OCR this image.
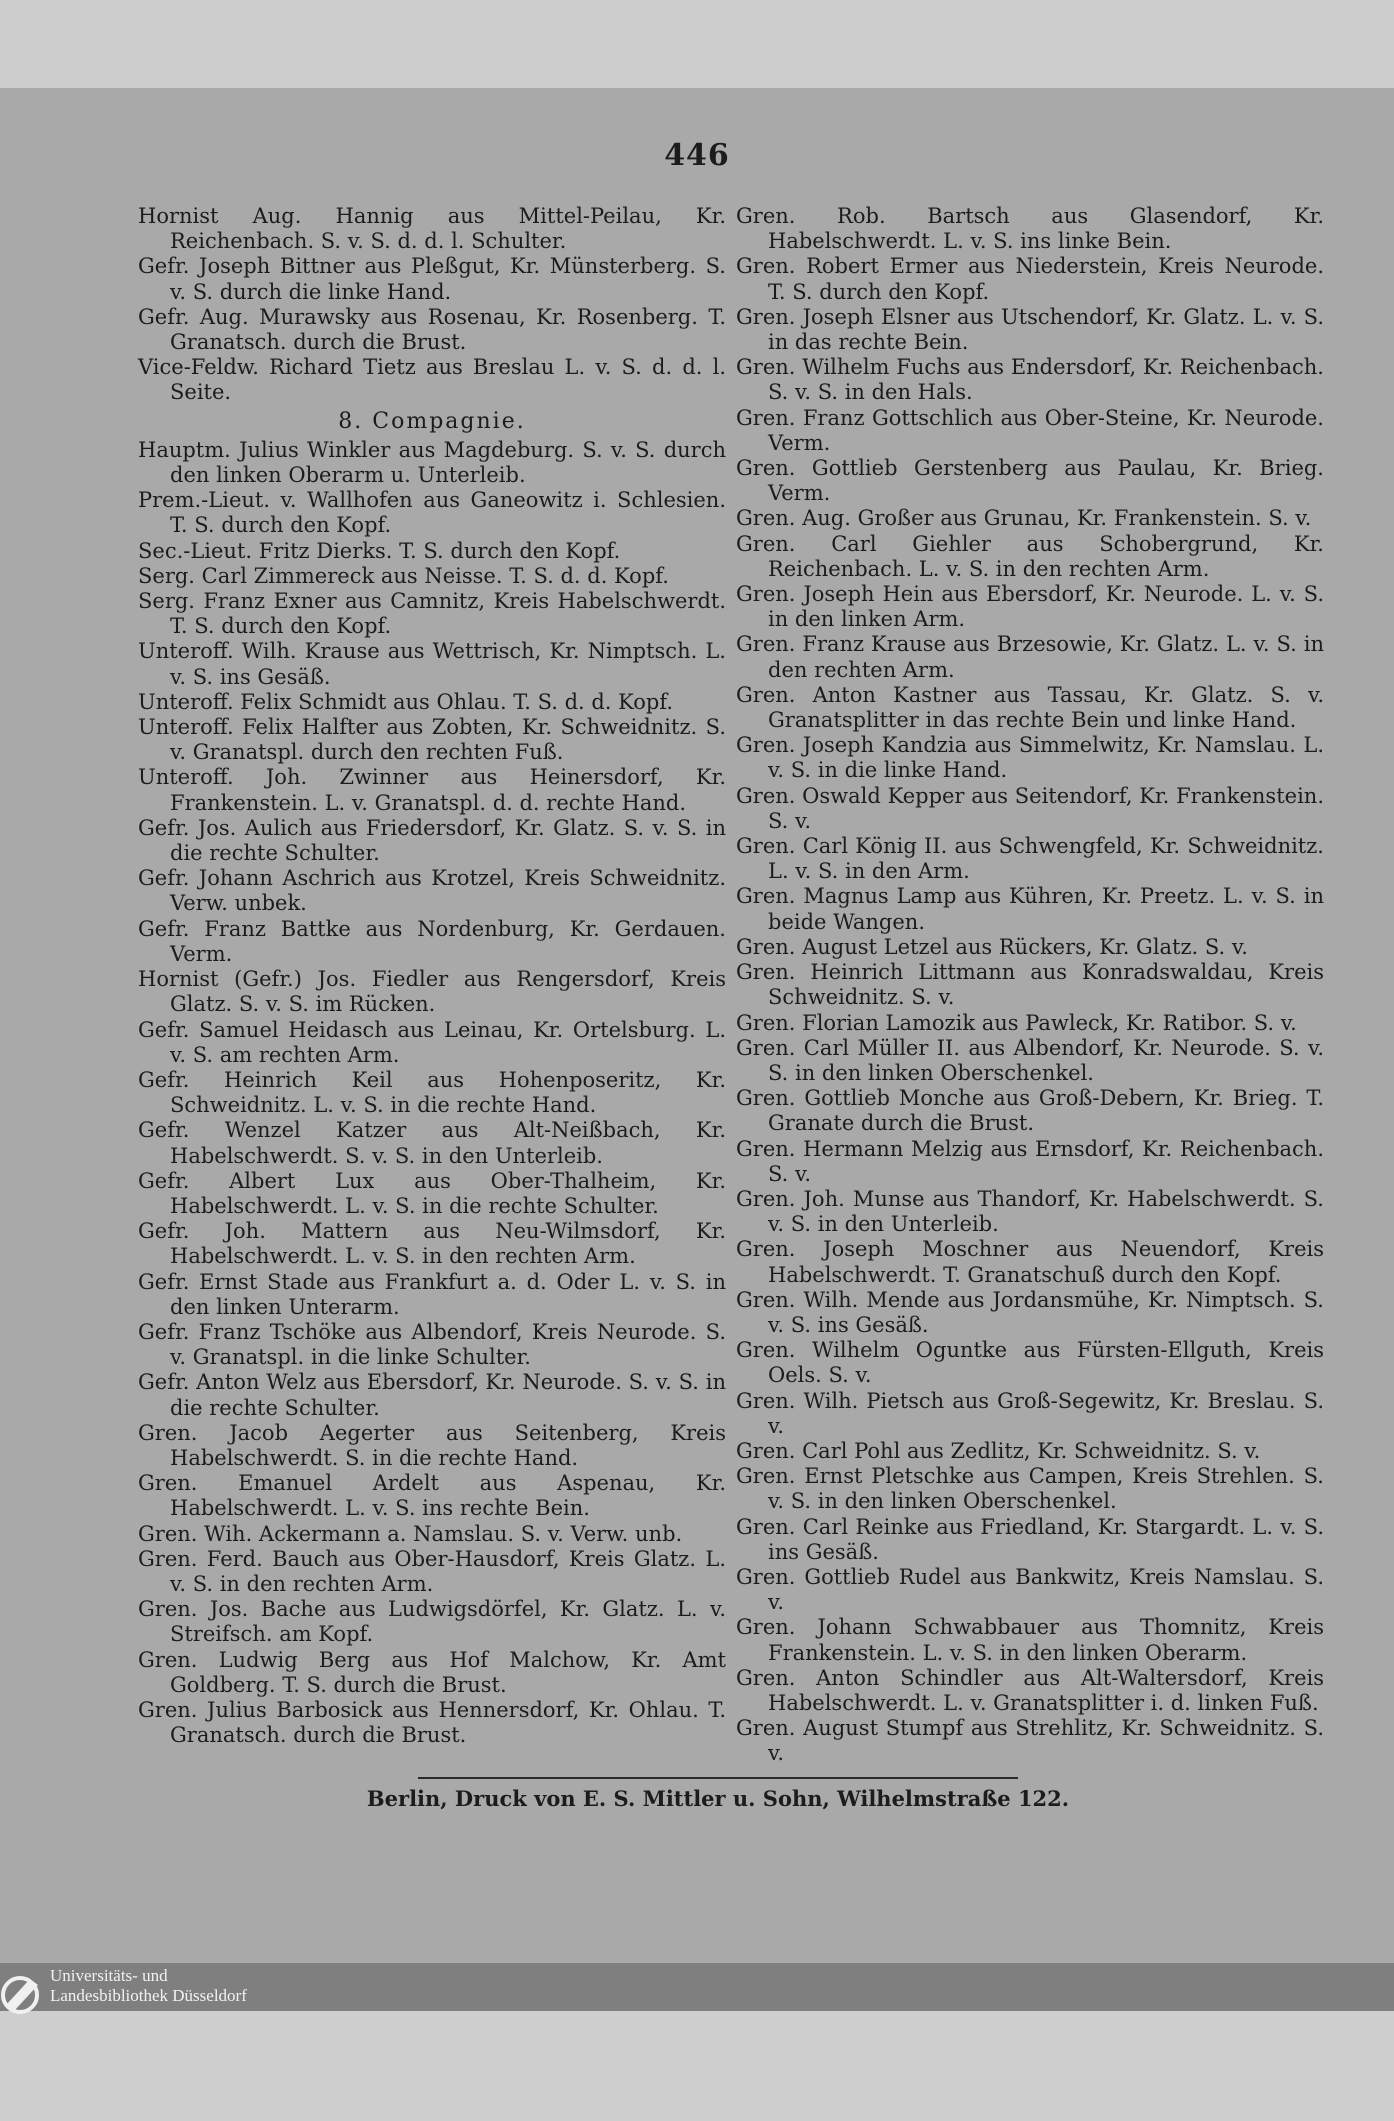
446

Hornist Aug. Hannig aus Mittel-Peilau, Kr. Reichenbach. S. v. S. d. d. l. Schulter.

Gefr. Joseph Bittner aus Pleßgut, Kr. Münsterberg. S. v. S. durch die linke Hand.

Gefr. Aug. Murawsky aus Rosenau, Kr. Rosenberg. T. Granatsch. durch die Brust.

Vice-Feldw. Richard Tietz aus Breslau L. v. S. d. d. l. Seite.

8. Compagnie.

Hauptm. Julius Winkler aus Magdeburg. S. v. S. durch den linken Oberarm u. Unterleib.

Prem.-Lieut. v. Wallhofen aus Ganeowitz i. Schlesien. T. S. durch den Kopf.

Sec.-Lieut. Fritz Dierks. T. S. durch den Kopf.

Serg. Carl Zimmereck aus Neisse. T. S. d. d. Kopf.

Serg. Franz Exner aus Camnitz, Kreis Habelschwerdt. T. S. durch den Kopf.

Unteroff. Wilh. Krause aus Wettrisch, Kr. Nimptsch. L. v. S. ins Gesäß.

Unteroff. Felix Schmidt aus Ohlau. T. S. d. d. Kopf.

Unteroff. Felix Halfter aus Zobten, Kr. Schweidnitz. S. v. Granatspl. durch den rechten Fuß.

Unteroff. Joh. Zwinner aus Heinersdorf, Kr. Frankenstein. L. v. Granatspl. d. d. rechte Hand.

Gefr. Jos. Aulich aus Friedersdorf, Kr. Glatz. S. v. S. in die rechte Schulter.

Gefr. Johann Aschrich aus Krotzel, Kreis Schweidnitz. Verw. unbek.

Gefr. Franz Battke aus Nordenburg, Kr. Gerdauen. Verm.

Hornist (Gefr.) Jos. Fiedler aus Rengersdorf, Kreis Glatz. S. v. S. im Rücken.

Gefr. Samuel Heidasch aus Leinau, Kr. Ortelsburg. L. v. S. am rechten Arm.

Gefr. Heinrich Keil aus Hohenposeritz, Kr. Schweidnitz. L. v. S. in die rechte Hand.

Gefr. Wenzel Katzer aus Alt-Neißbach, Kr. Habelschwerdt. S. v. S. in den Unterleib.

Gefr. Albert Lux aus Ober-Thalheim, Kr. Habelschwerdt. L. v. S. in die rechte Schulter.

Gefr. Joh. Mattern aus Neu-Wilmsdorf, Kr. Habelschwerdt. L. v. S. in den rechten Arm.

Gefr. Ernst Stade aus Frankfurt a. d. Oder L. v. S. in den linken Unterarm.

Gefr. Franz Tschöke aus Albendorf, Kreis Neurode. S. v. Granatspl. in die linke Schulter.

Gefr. Anton Welz aus Ebersdorf, Kr. Neurode. S. v. S. in die rechte Schulter.

Gren. Jacob Aegerter aus Seitenberg, Kreis Habelschwerdt. S. in die rechte Hand.

Gren. Emanuel Ardelt aus Aspenau, Kr. Habelschwerdt. L. v. S. ins rechte Bein.

Gren. Wih. Ackermann a. Namslau. S. v. Verw. unb.

Gren. Ferd. Bauch aus Ober-Hausdorf, Kreis Glatz. L. v. S. in den rechten Arm.

Gren. Jos. Bache aus Ludwigsdörfel, Kr. Glatz. L. v. Streifsch. am Kopf.

Gren. Ludwig Berg aus Hof Malchow, Kr. Amt Goldberg. T. S. durch die Brust.

Gren. Julius Barbosick aus Hennersdorf, Kr. Ohlau. T. Granatsch. durch die Brust.

Gren. Rob. Bartsch aus Glasendorf, Kr. Habelschwerdt. L. v. S. ins linke Bein.

Gren. Robert Ermer aus Niederstein, Kreis Neurode. T. S. durch den Kopf.

Gren. Joseph Elsner aus Utschendorf, Kr. Glatz. L. v. S. in das rechte Bein.

Gren. Wilhelm Fuchs aus Endersdorf, Kr. Reichenbach. S. v. S. in den Hals.

Gren. Franz Gottschlich aus Ober-Steine, Kr. Neurode. Verm.

Gren. Gottlieb Gerstenberg aus Paulau, Kr. Brieg. Verm.

Gren. Aug. Großer aus Grunau, Kr. Frankenstein. S. v.

Gren. Carl Giehler aus Schobergrund, Kr. Reichenbach. L. v. S. in den rechten Arm.

Gren. Joseph Hein aus Ebersdorf, Kr. Neurode. L. v. S. in den linken Arm.

Gren. Franz Krause aus Brzesowie, Kr. Glatz. L. v. S. in den rechten Arm.

Gren. Anton Kastner aus Tassau, Kr. Glatz. S. v. Granatsplitter in das rechte Bein und linke Hand.

Gren. Joseph Kandzia aus Simmelwitz, Kr. Namslau. L. v. S. in die linke Hand.

Gren. Oswald Kepper aus Seitendorf, Kr. Frankenstein. S. v.

Gren. Carl König II. aus Schwengfeld, Kr. Schweidnitz. L. v. S. in den Arm.

Gren. Magnus Lamp aus Kühren, Kr. Preetz. L. v. S. in beide Wangen.

Gren. August Letzel aus Rückers, Kr. Glatz. S. v.

Gren. Heinrich Littmann aus Konradswaldau, Kreis Schweidnitz. S. v.

Gren. Florian Lamozik aus Pawleck, Kr. Ratibor. S. v.

Gren. Carl Müller II. aus Albendorf, Kr. Neurode. S. v. S. in den linken Oberschenkel.

Gren. Gottlieb Monche aus Groß-Debern, Kr. Brieg. T. Granate durch die Brust.

Gren. Hermann Melzig aus Ernsdorf, Kr. Reichenbach. S. v.

Gren. Joh. Munse aus Thandorf, Kr. Habelschwerdt. S. v. S. in den Unterleib.

Gren. Joseph Moschner aus Neuendorf, Kreis Habelschwerdt. T. Granatschuß durch den Kopf.

Gren. Wilh. Mende aus Jordansmühe, Kr. Nimptsch. S. v. S. ins Gesäß.

Gren. Wilhelm Oguntke aus Fürsten-Ellguth, Kreis Oels. S. v.

Gren. Wilh. Pietsch aus Groß-Segewitz, Kr. Breslau. S. v.

Gren. Carl Pohl aus Zedlitz, Kr. Schweidnitz. S. v.

Gren. Ernst Pletschke aus Campen, Kreis Strehlen. S. v. S. in den linken Oberschenkel.

Gren. Carl Reinke aus Friedland, Kr. Stargardt. L. v. S. ins Gesäß.

Gren. Gottlieb Rudel aus Bankwitz, Kreis Namslau. S. v.

Gren. Johann Schwabbauer aus Thomnitz, Kreis Frankenstein. L. v. S. in den linken Oberarm.

Gren. Anton Schindler aus Alt-Waltersdorf, Kreis Habelschwerdt. L. v. Granatsplitter i. d. linken Fuß.

Gren. August Stumpf aus Strehlitz, Kr. Schweidnitz. S. v.

Berlin, Druck von E. S. Mittler u. Sohn, Wilhelmstraße 122.
Universitäts- und
Landesbibliothek Düsseldorf
